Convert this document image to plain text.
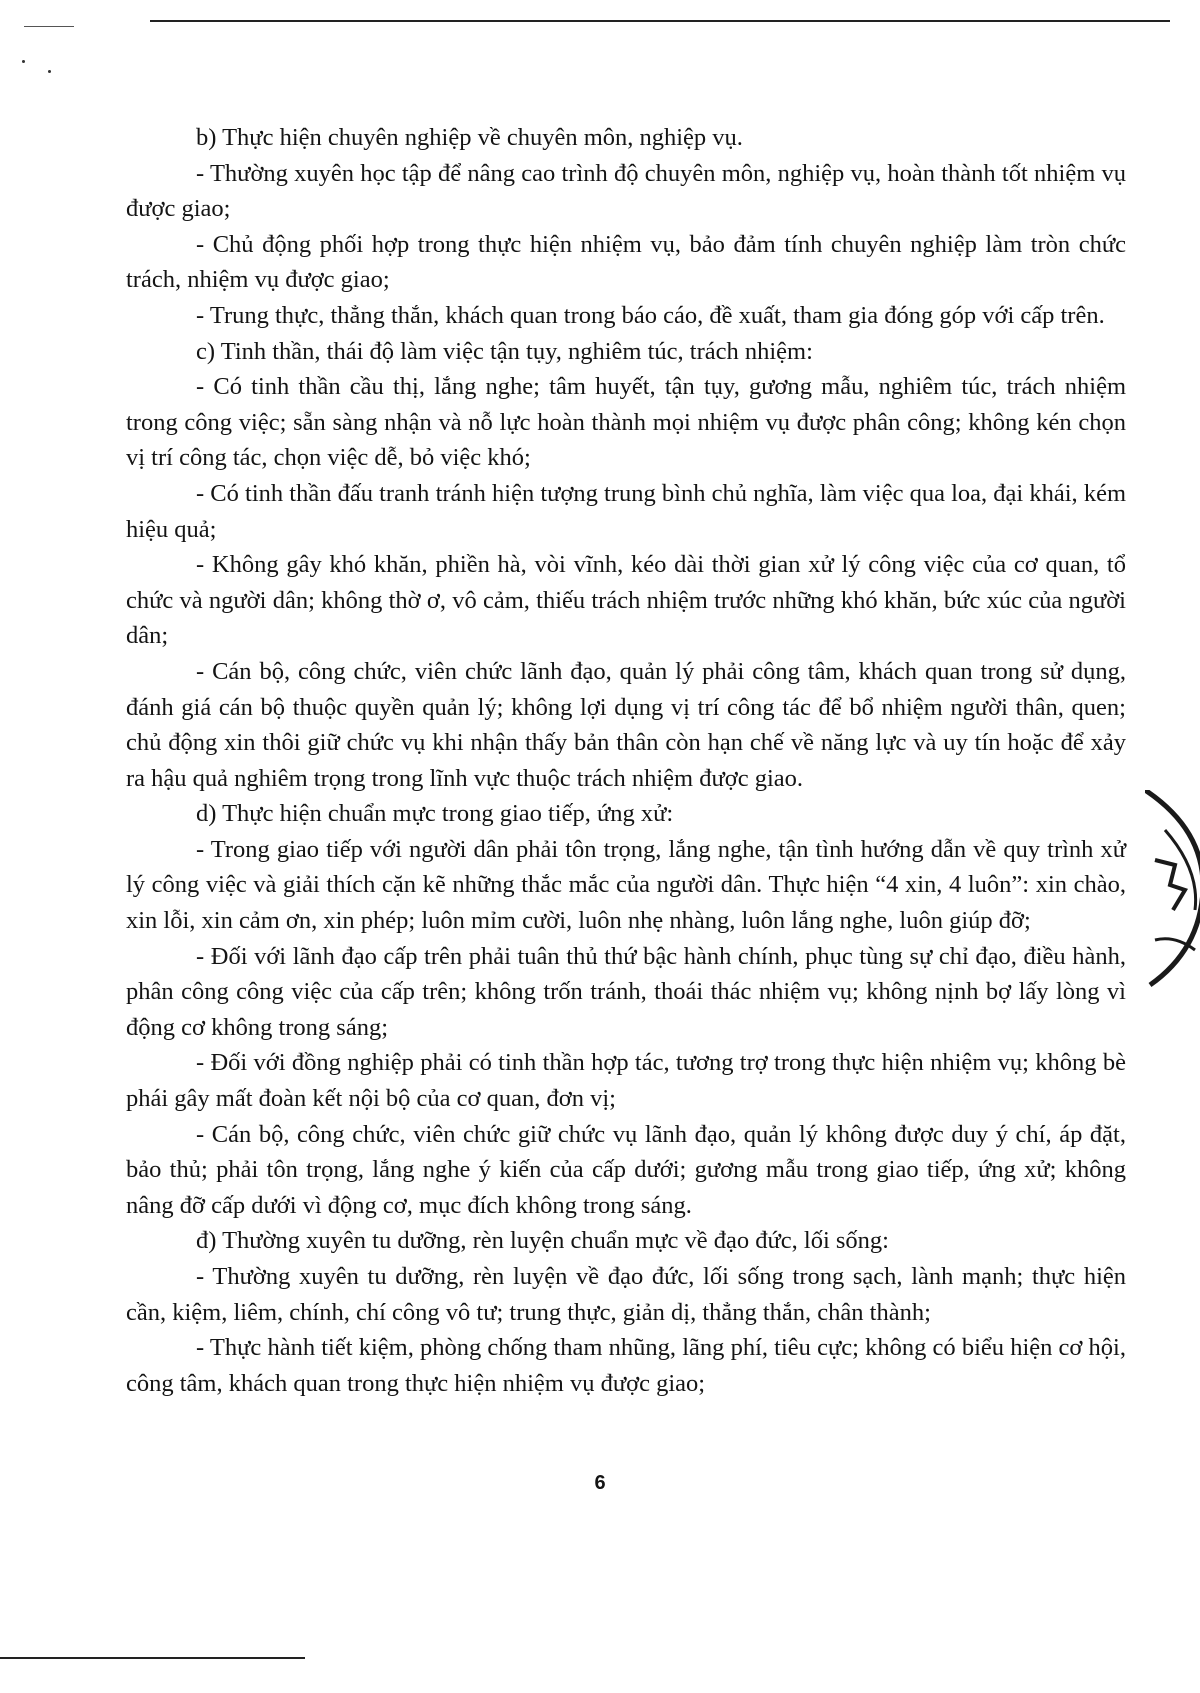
b) Thực hiện chuyên nghiệp về chuyên môn, nghiệp vụ.

- Thường xuyên học tập để nâng cao trình độ chuyên môn, nghiệp vụ, hoàn thành tốt nhiệm vụ được giao;

- Chủ động phối hợp trong thực hiện nhiệm vụ, bảo đảm tính chuyên nghiệp làm tròn chức trách, nhiệm vụ được giao;

- Trung thực, thẳng thắn, khách quan trong báo cáo, đề xuất, tham gia đóng góp với cấp trên.

c) Tinh thần, thái độ làm việc tận tụy, nghiêm túc, trách nhiệm:

- Có tinh thần cầu thị, lắng nghe; tâm huyết, tận tụy, gương mẫu, nghiêm túc, trách nhiệm trong công việc; sẵn sàng nhận và nỗ lực hoàn thành mọi nhiệm vụ được phân công; không kén chọn vị trí công tác, chọn việc dễ, bỏ việc khó;

- Có tinh thần đấu tranh tránh hiện tượng trung bình chủ nghĩa, làm việc qua loa, đại khái, kém hiệu quả;

- Không gây khó khăn, phiền hà, vòi vĩnh, kéo dài thời gian xử lý công việc của cơ quan, tổ chức và người dân; không thờ ơ, vô cảm, thiếu trách nhiệm trước những khó khăn, bức xúc của người dân;

- Cán bộ, công chức, viên chức lãnh đạo, quản lý phải công tâm, khách quan trong sử dụng, đánh giá cán bộ thuộc quyền quản lý; không lợi dụng vị trí công tác để bổ nhiệm người thân, quen; chủ động xin thôi giữ chức vụ khi nhận thấy bản thân còn hạn chế về năng lực và uy tín hoặc để xảy ra hậu quả nghiêm trọng trong lĩnh vực thuộc trách nhiệm được giao.

d) Thực hiện chuẩn mực trong giao tiếp, ứng xử:

- Trong giao tiếp với người dân phải tôn trọng, lắng nghe, tận tình hướng dẫn về quy trình xử lý công việc và giải thích cặn kẽ những thắc mắc của người dân. Thực hiện “4 xin, 4 luôn”: xin chào, xin lỗi, xin cảm ơn, xin phép; luôn mỉm cười, luôn nhẹ nhàng, luôn lắng nghe, luôn giúp đỡ;

- Đối với lãnh đạo cấp trên phải tuân thủ thứ bậc hành chính, phục tùng sự chỉ đạo, điều hành, phân công công việc của cấp trên; không trốn tránh, thoái thác nhiệm vụ; không nịnh bợ lấy lòng vì động cơ không trong sáng;

- Đối với đồng nghiệp phải có tinh thần hợp tác, tương trợ trong thực hiện nhiệm vụ; không bè phái gây mất đoàn kết nội bộ của cơ quan, đơn vị;

- Cán bộ, công chức, viên chức giữ chức vụ lãnh đạo, quản lý không được duy ý chí, áp đặt, bảo thủ; phải tôn trọng, lắng nghe ý kiến của cấp dưới; gương mẫu trong giao tiếp, ứng xử; không nâng đỡ cấp dưới vì động cơ, mục đích không trong sáng.

đ) Thường xuyên tu dưỡng, rèn luyện chuẩn mực về đạo đức, lối sống:

- Thường xuyên tu dưỡng, rèn luyện về đạo đức, lối sống trong sạch, lành mạnh; thực hiện cần, kiệm, liêm, chính, chí công vô tư; trung thực, giản dị, thẳng thắn, chân thành;

- Thực hành tiết kiệm, phòng chống tham nhũng, lãng phí, tiêu cực; không có biểu hiện cơ hội, công tâm, khách quan trong thực hiện nhiệm vụ được giao;

6
